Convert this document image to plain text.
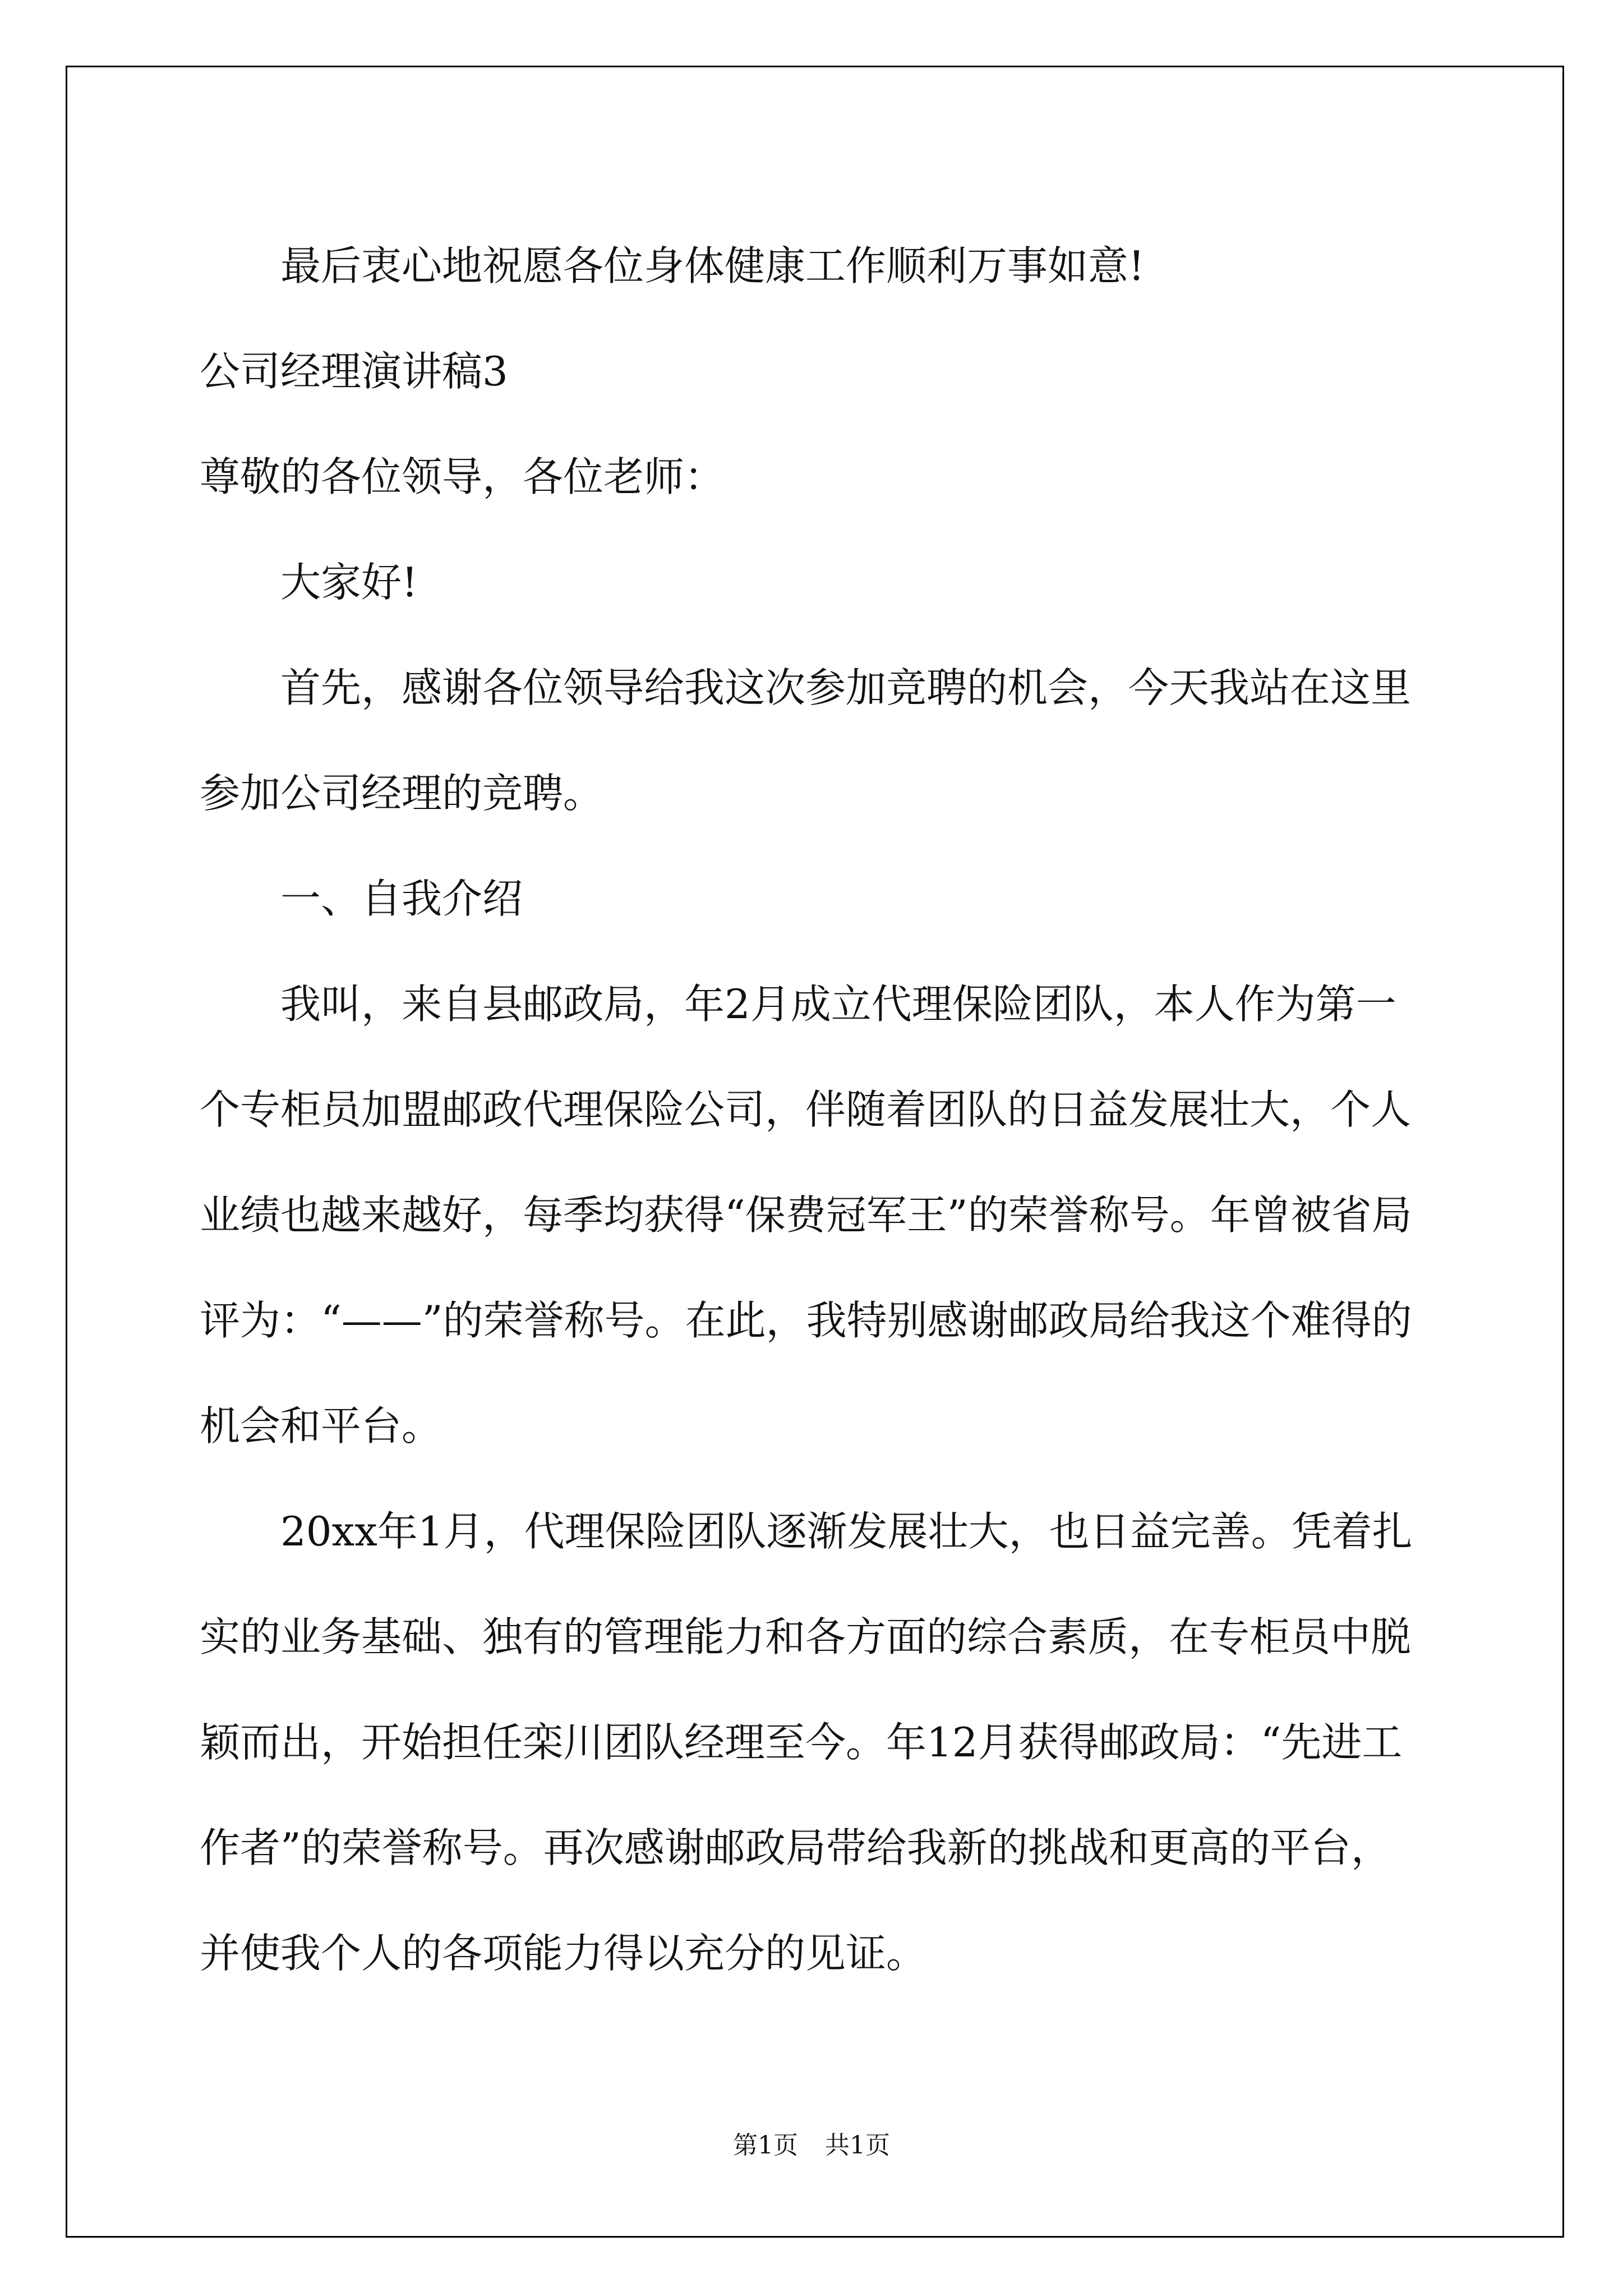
最后衷心地祝愿各位身体健康工作顺利万事如意!

公司经理演讲稿3

尊敬的各位领导，各位老师：

大家好!

首先，感谢各位领导给我这次参加竞聘的机会，今天我站在这里参加公司经理的竞聘。

一、自我介绍

我叫，来自县邮政局，年2月成立代理保险团队，本人作为第一个专柜员加盟邮政代理保险公司，伴随着团队的日益发展壮大，个人业绩也越来越好，每季均获得“保费冠军王”的荣誉称号。年曾被省局评为：“——”的荣誉称号。在此，我特别感谢邮政局给我这个难得的机会和平台。

20xx年1月，代理保险团队逐渐发展壮大，也日益完善。凭着扎实的业务基础、独有的管理能力和各方面的综合素质，在专柜员中脱颖而出，开始担任栾川团队经理至今。年12月获得邮政局：“先进工作者”的荣誉称号。再次感谢邮政局带给我新的挑战和更高的平台，并使我个人的各项能力得以充分的见证。

第1页 共1页
